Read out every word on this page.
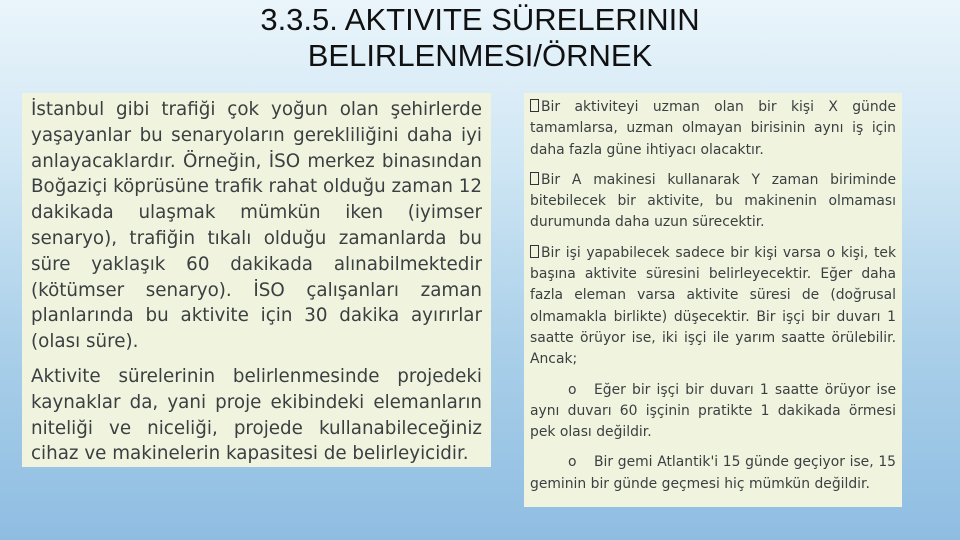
3.3.5. AKTIVITE SÜRELERININ
BELIRLENMESI/ÖRNEK

İstanbul gibi trafiği çok yoğun olan şehirlerde yaşayanlar bu senaryoların gerekliliğini daha iyi anlayacaklardır. Örneğin, İSO merkez binasından Boğaziçi köprüsüne trafik rahat olduğu zaman 12 dakikada ulaşmak mümkün iken (iyimser senaryo), trafiğin tıkalı olduğu zamanlarda bu süre yaklaşık 60 dakikada alınabilmektedir (kötümser senaryo). İSO çalışanları zaman planlarında bu aktivite için 30 dakika ayırırlar (olası süre).

Aktivite sürelerinin belirlenmesinde projedeki kaynaklar da, yani proje ekibindeki elemanların niteliği ve niceliği, projede kullanabileceğiniz cihaz ve makinelerin kapasitesi de belirleyicidir.

Bir aktiviteyi uzman olan bir kişi X günde tamamlarsa, uzman olmayan birisinin aynı iş için daha fazla güne ihtiyacı olacaktır.

Bir A makinesi kullanarak Y zaman biriminde bitebilecek bir aktivite, bu makinenin olmaması durumunda daha uzun sürecektir.

Bir işi yapabilecek sadece bir kişi varsa o kişi, tek başına aktivite süresini belirleyecektir. Eğer daha fazla eleman varsa aktivite süresi de (doğrusal olmamakla birlikte) düşecektir. Bir işçi bir duvarı 1 saatte örüyor ise, iki işçi ile yarım saatte örülebilir. Ancak;

o Eğer bir işçi bir duvarı 1 saatte örüyor ise aynı duvarı 60 işçinin pratikte 1 dakikada örmesi pek olası değildir.

o Bir gemi Atlantik'i 15 günde geçiyor ise, 15 geminin bir günde geçmesi hiç mümkün değildir.
